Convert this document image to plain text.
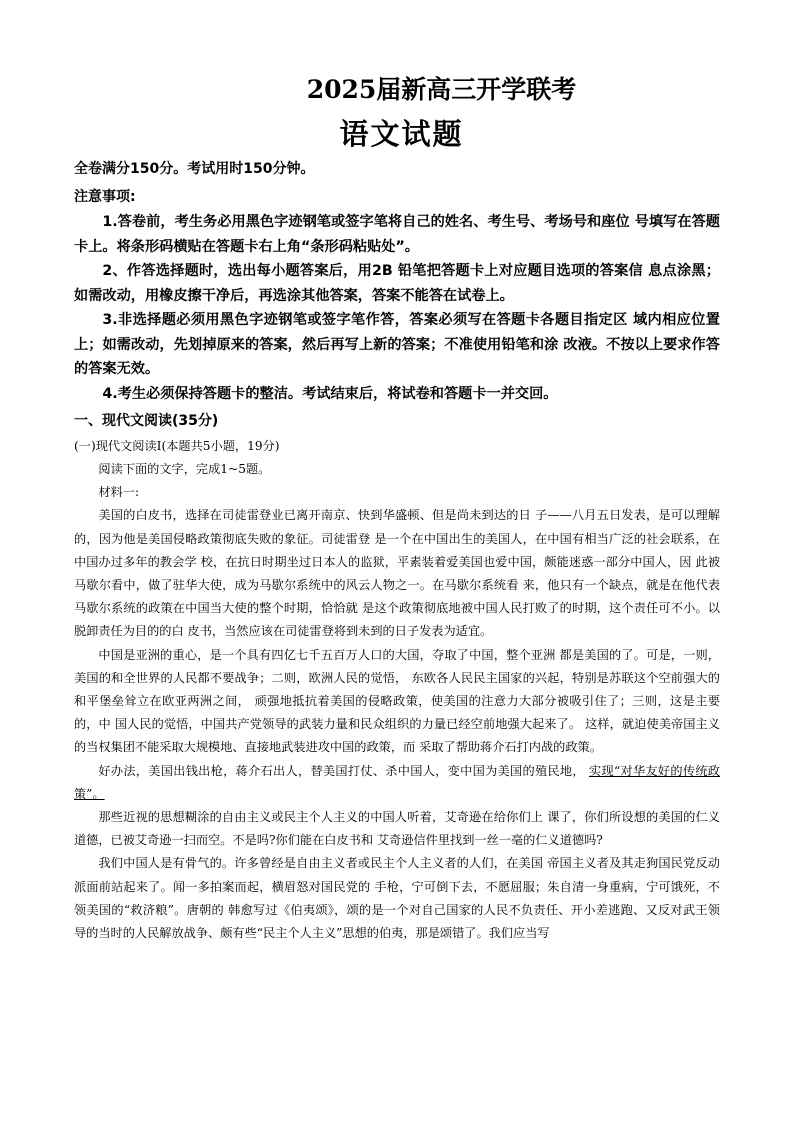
2025届新高三开学联考
语文试题
全卷满分150分。考试用时150分钟。
注意事项:

1.答卷前，考生务必用黑色字迹钢笔或签字笔将自己的姓名、考生号、考场号和座位 号填写在答题卡上。将条形码横贴在答题卡右上角“条形码粘贴处”。

2、作答选择题时，选出每小题答案后，用2B 铅笔把答题卡上对应题目选项的答案信 息点涂黑；如需改动，用橡皮擦干净后，再选涂其他答案，答案不能答在试卷上。

3.非选择题必须用黑色字迹钢笔或签字笔作答，答案必须写在答题卡各题目指定区 域内相应位置上；如需改动，先划掉原来的答案，然后再写上新的答案；不准使用铅笔和涂 改液。不按以上要求作答的答案无效。

4.考生必须保持答题卡的整洁。考试结束后，将试卷和答题卡一并交回。

一、现代文阅读(35分)
(一)现代文阅读Ⅰ(本题共5小题，19分)

阅读下面的文字，完成1~5题。

材料一:

美国的白皮书，选择在司徒雷登业已离开南京、快到华盛顿、但是尚未到达的日 子——八月五日发表，是可以理解的，因为他是美国侵略政策彻底失败的象征。司徒雷登 是一个在中国出生的美国人，在中国有相当广泛的社会联系，在中国办过多年的教会学 校，在抗日时期坐过日本人的监狱，平素装着爱美国也爱中国，颇能迷惑一部分中国人，因 此被马歇尔看中，做了驻华大使，成为马歇尔系统中的风云人物之一。在马歇尔系统看 来，他只有一个缺点，就是在他代表马歇尔系统的政策在中国当大使的整个时期，恰恰就 是这个政策彻底地被中国人民打败了的时期，这个责任可不小。以脱卸责任为目的的白 皮书，当然应该在司徒雷登将到未到的日子发表为适宜。

中国是亚洲的重心，是一个具有四亿七千五百万人口的大国，夺取了中国，整个亚洲 都是美国的了。可是，一则，美国的和全世界的人民都不要战争；二则，欧洲人民的觉悟， 东欧各人民民主国家的兴起，特别是苏联这个空前强大的和平堡垒耸立在欧亚两洲之间， 顽强地抵抗着美国的侵略政策，使美国的注意力大部分被吸引住了；三则，这是主要的，中 国人民的觉悟，中国共产党领导的武装力量和民众组织的力量已经空前地强大起来了。 这样，就迫使美帝国主义的当权集团不能采取大规模地、直接地武装进攻中国的政策，而 采取了帮助蒋介石打内战的政策。

好办法，美国出钱出枪，蒋介石出人，替美国打仗、杀中国人，变中国为美国的殖民地， 实现“对华友好的传统政策”。

那些近视的思想糊涂的自由主义或民主个人主义的中国人听着，艾奇逊在给你们上 课了，你们所设想的美国的仁义道德，已被艾奇逊一扫而空。不是吗?你们能在白皮书和 艾奇逊信件里找到一丝一毫的仁义道德吗?

我们中国人是有骨气的。许多曾经是自由主义者或民主个人主义者的人们，在美国 帝国主义者及其走狗国民党反动派面前站起来了。闻一多拍案而起，横眉怒对国民党的 手枪，宁可倒下去，不愿屈服；朱自清一身重病，宁可饿死，不领美国的“救济粮”。唐朝的 韩愈写过《伯夷颂》，颂的是一个对自己国家的人民不负责任、开小差逃跑、又反对武王领 导的当时的人民解放战争、颇有些“民主个人主义”思想的伯夷，那是颂错了。我们应当写
